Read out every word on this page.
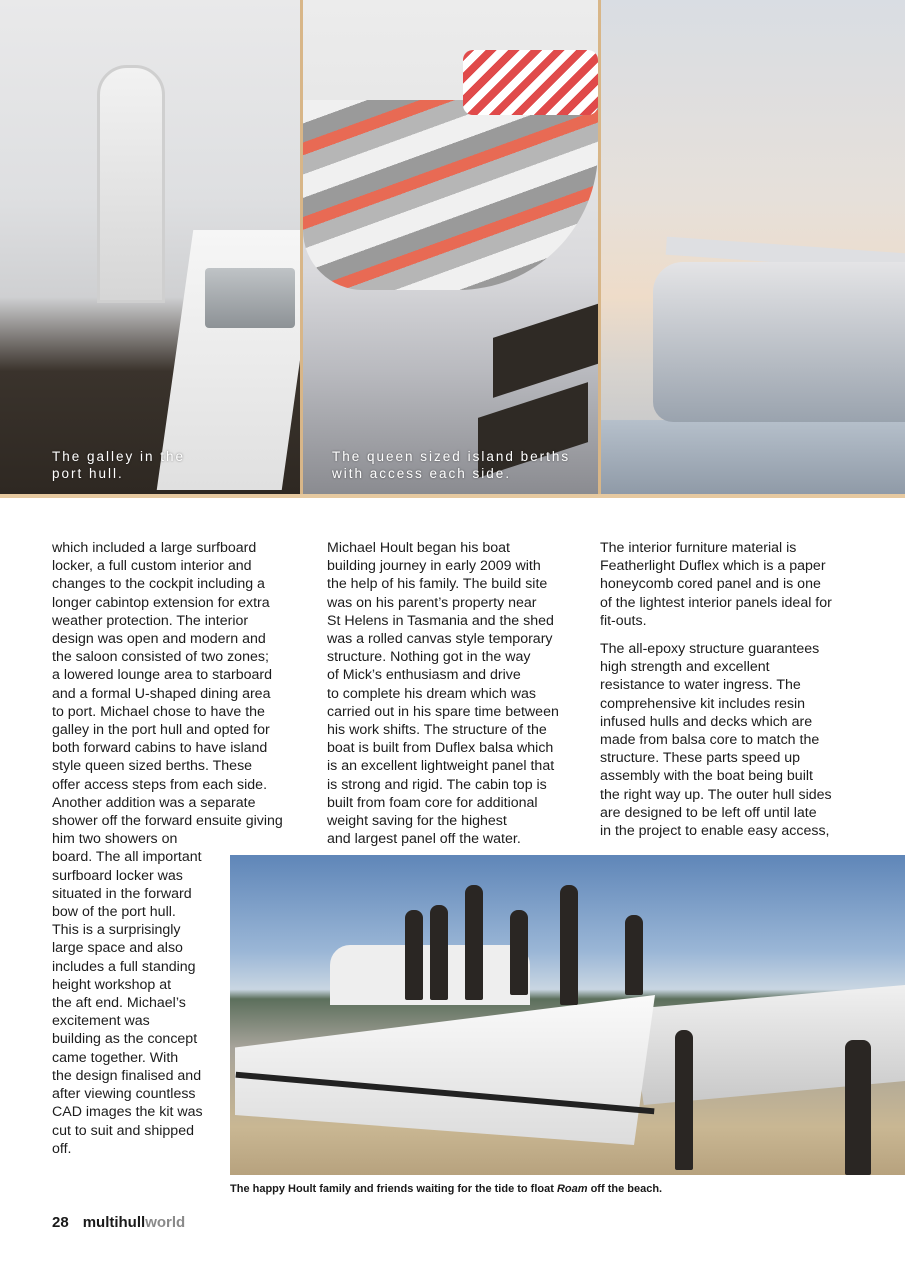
The galley in the
port hull.
The queen sized island berths
with access each side.
which included a large surfboard
locker, a full custom interior and
changes to the cockpit including a
longer cabintop extension for extra
weather protection. The interior
design was open and modern and
the saloon consisted of two zones;
a lowered lounge area to starboard
and a formal U-shaped dining area
to port. Michael chose to have the
galley in the port hull and opted for
both forward cabins to have island
style queen sized berths. These
offer access steps from each side.
Another addition was a separate
shower off the forward ensuite giving
him two showers on
board. The all important
surfboard locker was
situated in the forward
bow of the port hull.
This is a surprisingly
large space and also
includes a full standing
height workshop at
the aft end. Michael’s
excitement was
building as the concept
came together. With
the design finalised and
after viewing countless
CAD images the kit was
cut to suit and shipped
off.
Michael Hoult began his boat
building journey in early 2009 with
the help of his family. The build site
was on his parent’s property near
St Helens in Tasmania and the shed
was a rolled canvas style temporary
structure. Nothing got in the way
of Mick’s enthusiasm and drive
to complete his dream which was
carried out in his spare time between
his work shifts. The structure of the
boat is built from Duflex balsa which
is an excellent lightweight panel that
is strong and rigid. The cabin top is
built from foam core for additional
weight saving for the highest
and largest panel off the water.
The interior furniture material is
Featherlight Duflex which is a paper
honeycomb cored panel and is one
of the lightest interior panels ideal for
fit-outs.
The all-epoxy structure guarantees
high strength and excellent
resistance to water ingress. The
comprehensive kit includes resin
infused hulls and decks which are
made from balsa core to match the
structure. These parts speed up
assembly with the boat being built
the right way up. The outer hull sides
are designed to be left off until late
in the project to enable easy access,
The happy Hoult family and friends waiting for the tide to float Roam off the beach.
28 multihullworld
